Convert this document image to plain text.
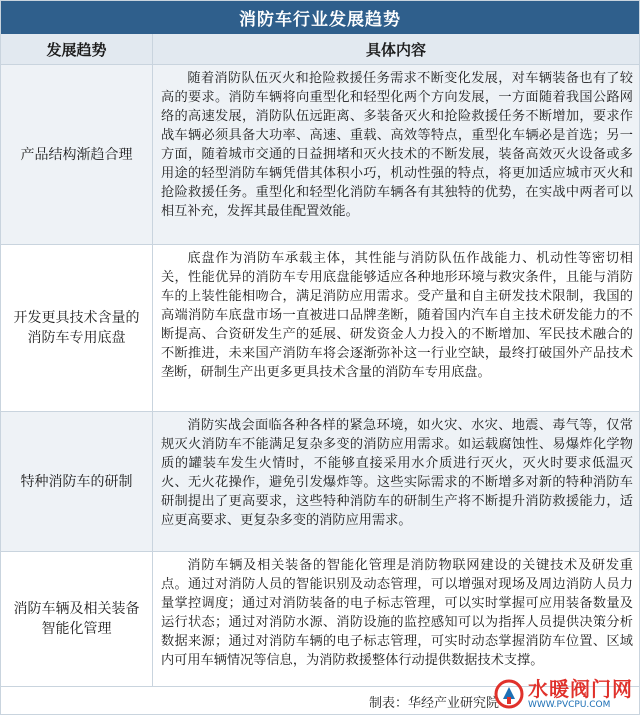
消防车行业发展趋势
发展趋势	具体内容
产品结构渐趋合理
随着消防队伍灭火和抢险救援任务需求不断变化发展，对车辆装备也有了较高的要求。消防车辆将向重型化和轻型化两个方向发展，一方面随着我国公路网络的高速发展，消防队伍远距离、多装备灭火和抢险救援任务不断增加，要求作战车辆必须具备大功率、高速、重载、高效等特点，重型化车辆必是首选；另一方面，随着城市交通的日益拥堵和灭火技术的不断发展，装备高效灭火设备或多用途的轻型消防车辆凭借其体积小巧，机动性强的特点，将更加适应城市灭火和抢险救援任务。重型化和轻型化消防车辆各有其独特的优势，在实战中两者可以相互补充，发挥其最佳配置效能。
开发更具技术含量的消防车专用底盘
底盘作为消防车承载主体，其性能与消防队伍作战能力、机动性等密切相关，性能优异的消防车专用底盘能够适应各种地形环境与救灾条件，且能与消防车的上装性能相吻合，满足消防应用需求。受产量和自主研发技术限制，我国的高端消防车底盘市场一直被进口品牌垄断，随着国内汽车自主技术研发能力的不断提高、合资研发生产的延展、研发资金人力投入的不断增加、军民技术融合的不断推进，未来国产消防车将会逐渐弥补这一行业空缺，最终打破国外产品技术垄断，研制生产出更多更具技术含量的消防车专用底盘。
特种消防车的研制
消防实战会面临各种各样的紧急环境，如火灾、水灾、地震、毒气等，仅常规灭火消防车不能满足复杂多变的消防应用需求。如运载腐蚀性、易爆炸化学物质的罐装车发生火情时，不能够直接采用水介质进行灭火，灭火时要求低温灭火、无火花操作，避免引发爆炸等。这些实际需求的不断增多对新的特种消防车研制提出了更高要求，这些特种消防车的研制生产将不断提升消防救援能力，适应更高要求、更复杂多变的消防应用需求。
消防车辆及相关装备智能化管理
消防车辆及相关装备的智能化管理是消防物联网建设的关键技术及研发重点。通过对消防人员的智能识别及动态管理，可以增强对现场及周边消防人员力量掌控调度；通过对消防装备的电子标志管理，可以实时掌握可应用装备数量及运行状态；通过对消防水源、消防设施的监控感知可以为指挥人员提供决策分析数据来源；通过对消防车辆的电子标志管理，可实时动态掌握消防车位置、区域内可用车辆情况等信息，为消防救援整体行动提供数据技术支撑。
制表：华经产业研究院
水暖阀门网
WWW.PVCPU.COM
